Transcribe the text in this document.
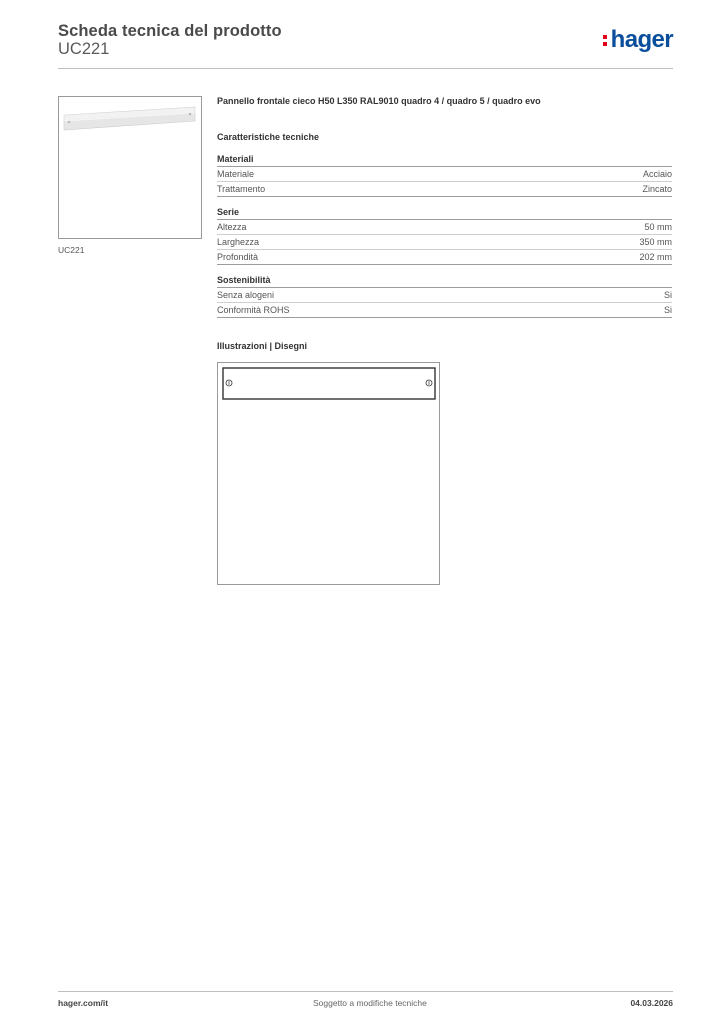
Scheda tecnica del prodotto
UC221	hager
UC221
Pannello frontale cieco H50 L350 RAL9010 quadro 4 / quadro 5 / quadro evo
Caratteristiche tecniche
Materiali
Materiale	Acciaio
Trattamento	Zincato
Serie
Altezza	50 mm
Larghezza	350 mm
Profondità	202 mm
Sostenibilità
Senza alogeni	Si
Conformità ROHS	Si
Illustrazioni | Disegni
hager.com/it	Soggetto a modifiche tecniche	04.03.2026
